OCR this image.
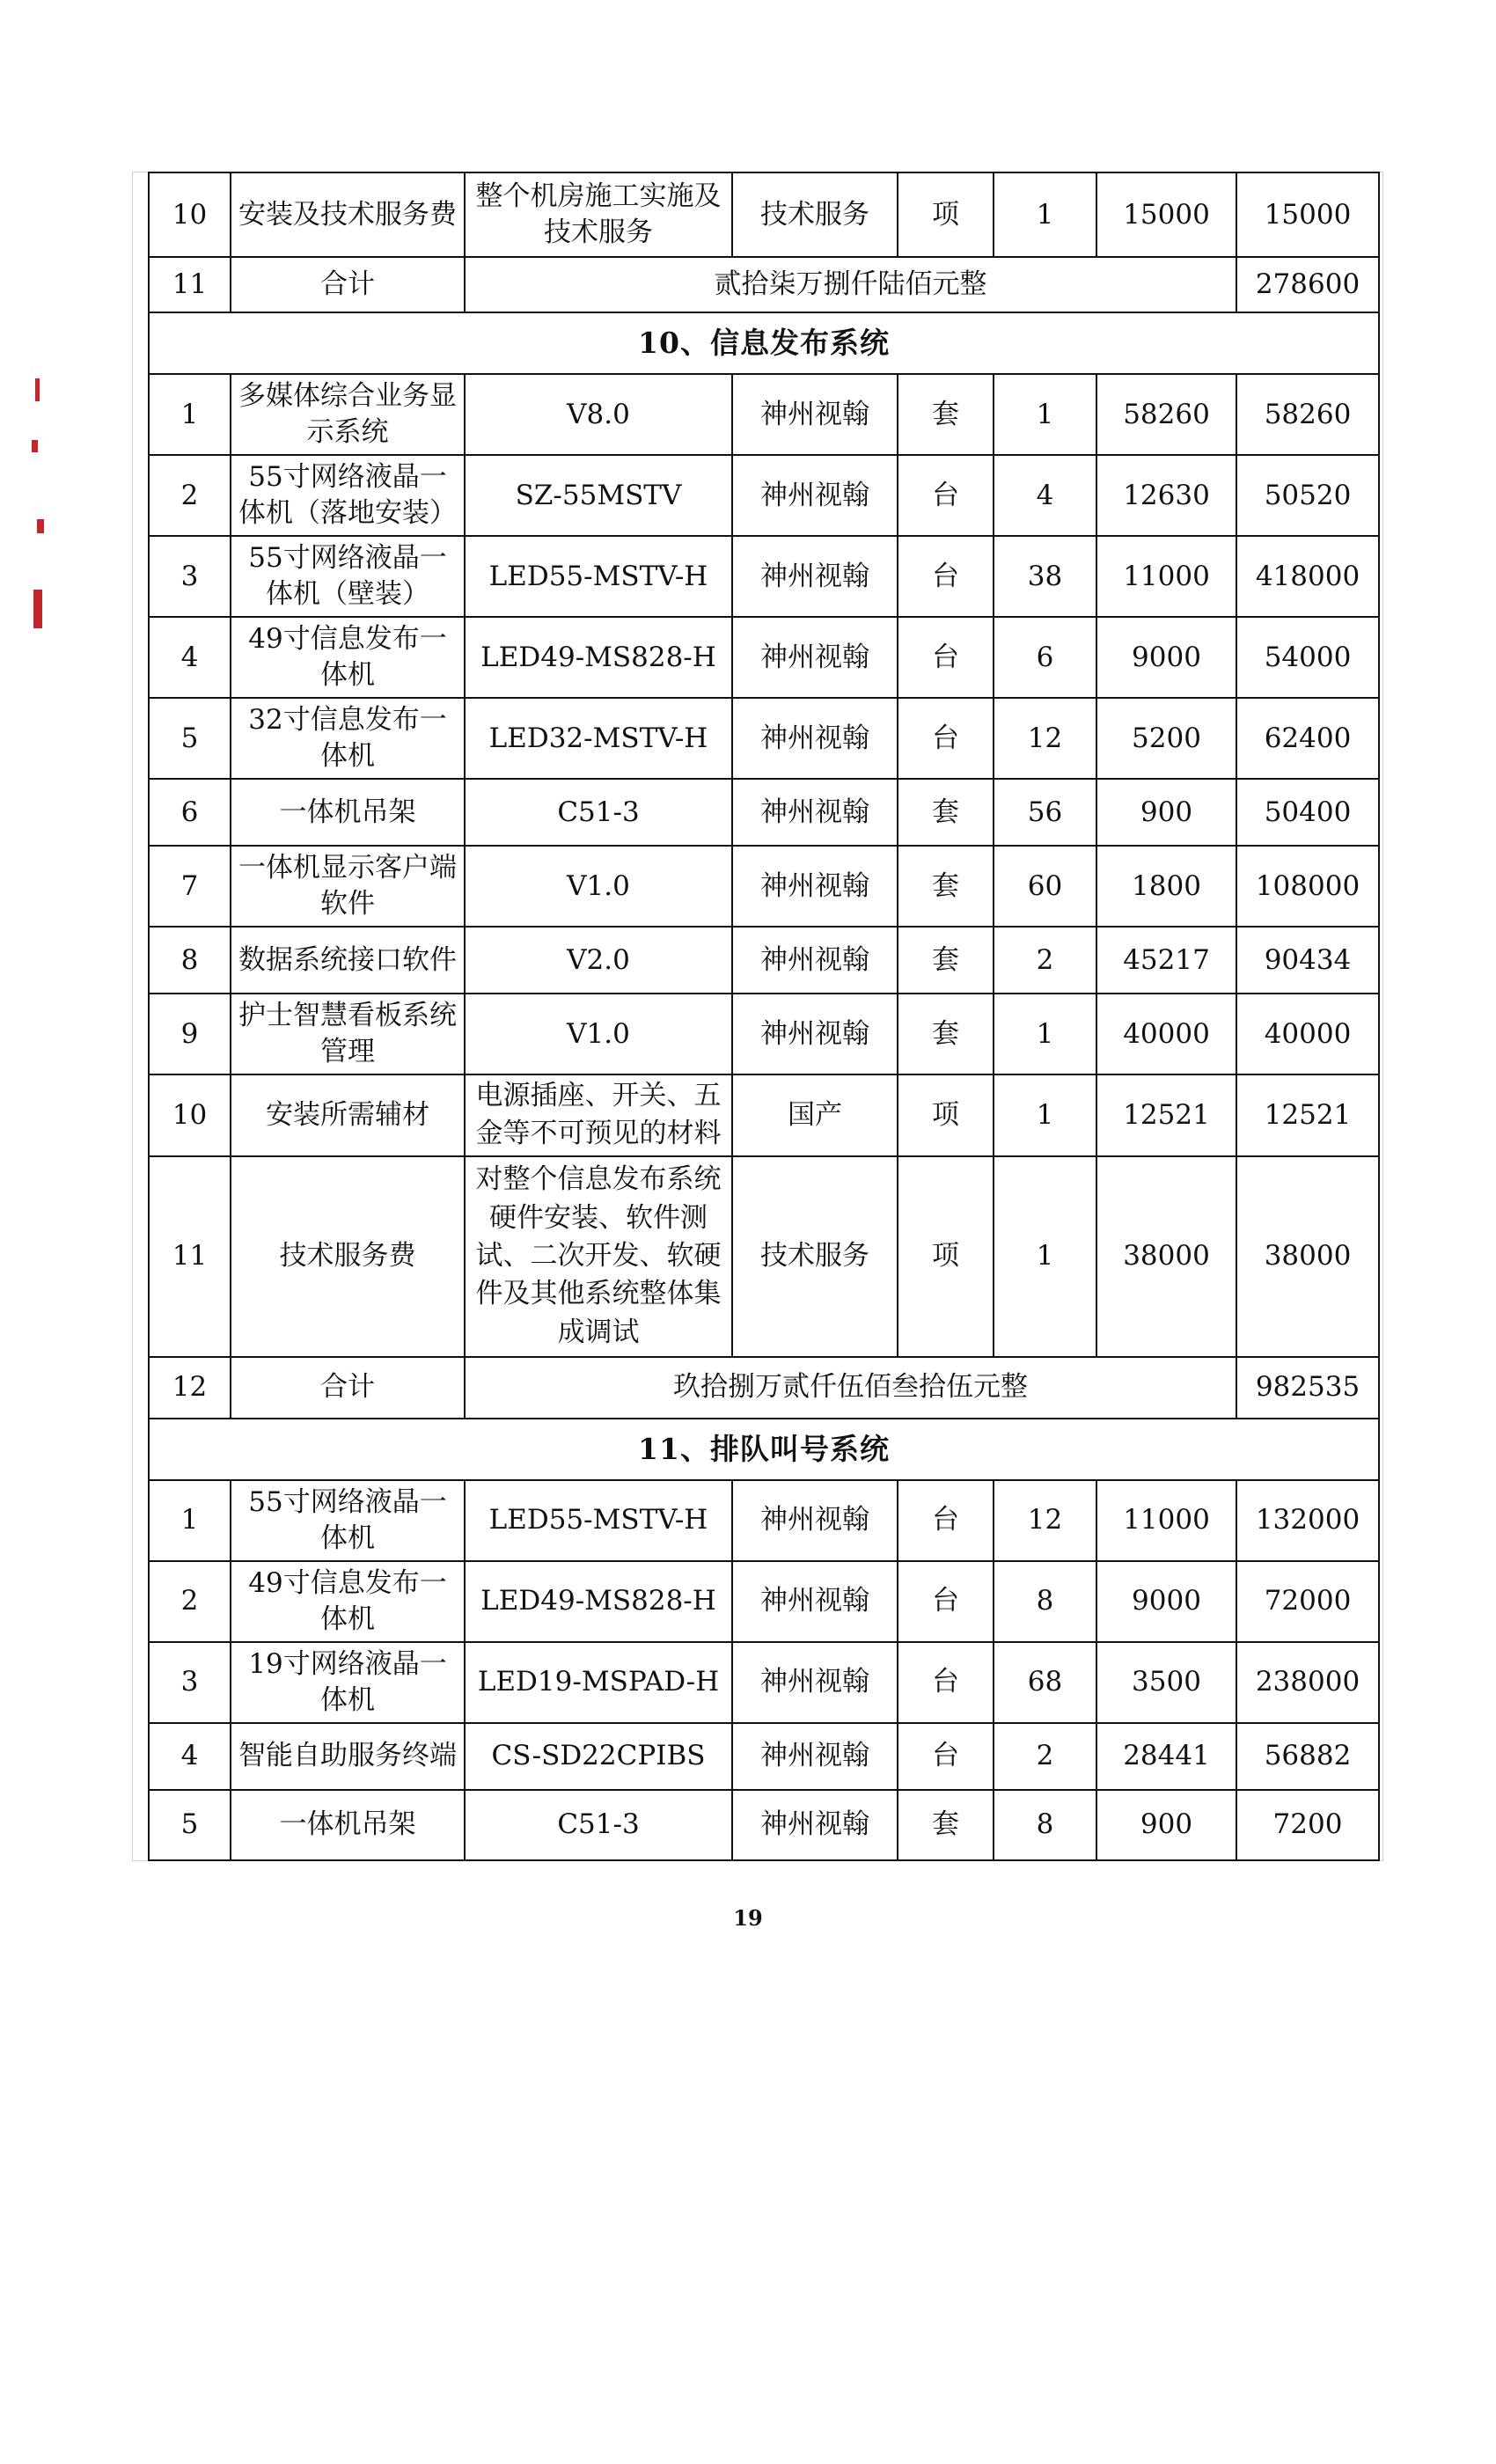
10	安装及技术服务费	整个机房施工实施及技术服务	技术服务	项	1	15000	15000
11	合计	贰拾柒万捌仟陆佰元整					278600
10、信息发布系统							
1	多媒体综合业务显示系统	V8.0	神州视翰	套	1	58260	58260
2	55寸网络液晶一体机（落地安装）	SZ-55MSTV	神州视翰	台	4	12630	50520
3	55寸网络液晶一体机（壁装）	LED55-MSTV-H	神州视翰	台	38	11000	418000
4	49寸信息发布一体机	LED49-MS828-H	神州视翰	台	6	9000	54000
5	32寸信息发布一体机	LED32-MSTV-H	神州视翰	台	12	5200	62400
6	一体机吊架	C51-3	神州视翰	套	56	900	50400
7	一体机显示客户端软件	V1.0	神州视翰	套	60	1800	108000
8	数据系统接口软件	V2.0	神州视翰	套	2	45217	90434
9	护士智慧看板系统管理	V1.0	神州视翰	套	1	40000	40000
10	安装所需辅材	电源插座、开关、五金等不可预见的材料	国产	项	1	12521	12521
11	技术服务费	对整个信息发布系统硬件安装、软件测试、二次开发、软硬件及其他系统整体集成调试	技术服务	项	1	38000	38000
12	合计	玖拾捌万贰仟伍佰叁拾伍元整					982535
11、排队叫号系统							
1	55寸网络液晶一体机	LED55-MSTV-H	神州视翰	台	12	11000	132000
2	49寸信息发布一体机	LED49-MS828-H	神州视翰	台	8	9000	72000
3	19寸网络液晶一体机	LED19-MSPAD-H	神州视翰	台	68	3500	238000
4	智能自助服务终端	CS-SD22CPIBS	神州视翰	台	2	28441	56882
5	一体机吊架	C51-3	神州视翰	套	8	900	7200
19
